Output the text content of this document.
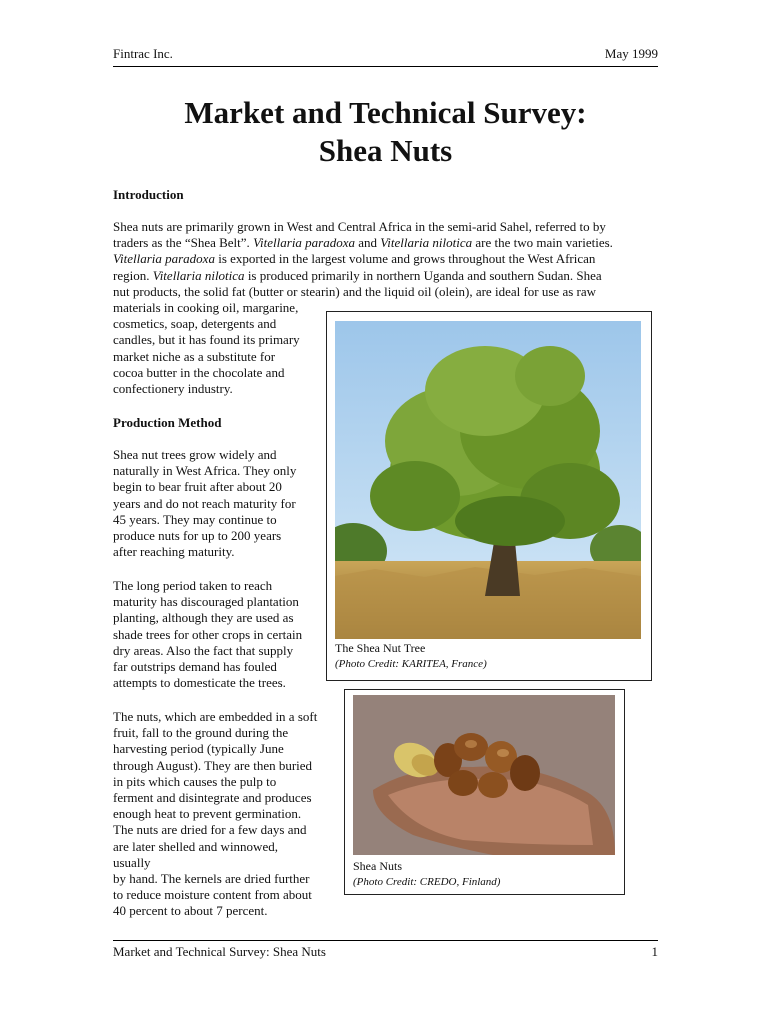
Fintrac Inc.	May 1999
Market and Technical Survey:
Shea Nuts
Introduction
Shea nuts are primarily grown in West and Central Africa in the semi-arid Sahel, referred to by
traders as the “Shea Belt”. Vitellaria paradoxa and Vitellaria nilotica are the two main varieties.
Vitellaria paradoxa is exported in the largest volume and grows throughout the West African
region. Vitellaria nilotica is produced primarily in northern Uganda and southern Sudan. Shea
nut products, the solid fat (butter or stearin) and the liquid oil (olein), are ideal for use as raw
materials in cooking oil, margarine,
cosmetics, soap, detergents and
candles, but it has found its primary
market niche as a substitute for
cocoa butter in the chocolate and
confectionery industry.
Production Method
Shea nut trees grow widely and
naturally in West Africa. They only
begin to bear fruit after about 20
years and do not reach maturity for
45 years. They may continue to
produce nuts for up to 200 years
after reaching maturity.
The long period taken to reach
maturity has discouraged plantation
planting, although they are used as
shade trees for other crops in certain
dry areas. Also the fact that supply
far outstrips demand has fouled
attempts to domesticate the trees.
The nuts, which are embedded in a soft
fruit, fall to the ground during the
harvesting period (typically June
through August). They are then buried
in pits which causes the pulp to
ferment and disintegrate and produces
enough heat to prevent germination.
The nuts are dried for a few days and
are later shelled and winnowed, usually
by hand. The kernels are dried further
to reduce moisture content from about
40 percent to about 7 percent.
The Shea Nut Tree
(Photo Credit: KARITEA, France)
Shea Nuts
(Photo Credit: CREDO, Finland)
Market and Technical Survey: Shea Nuts	1
